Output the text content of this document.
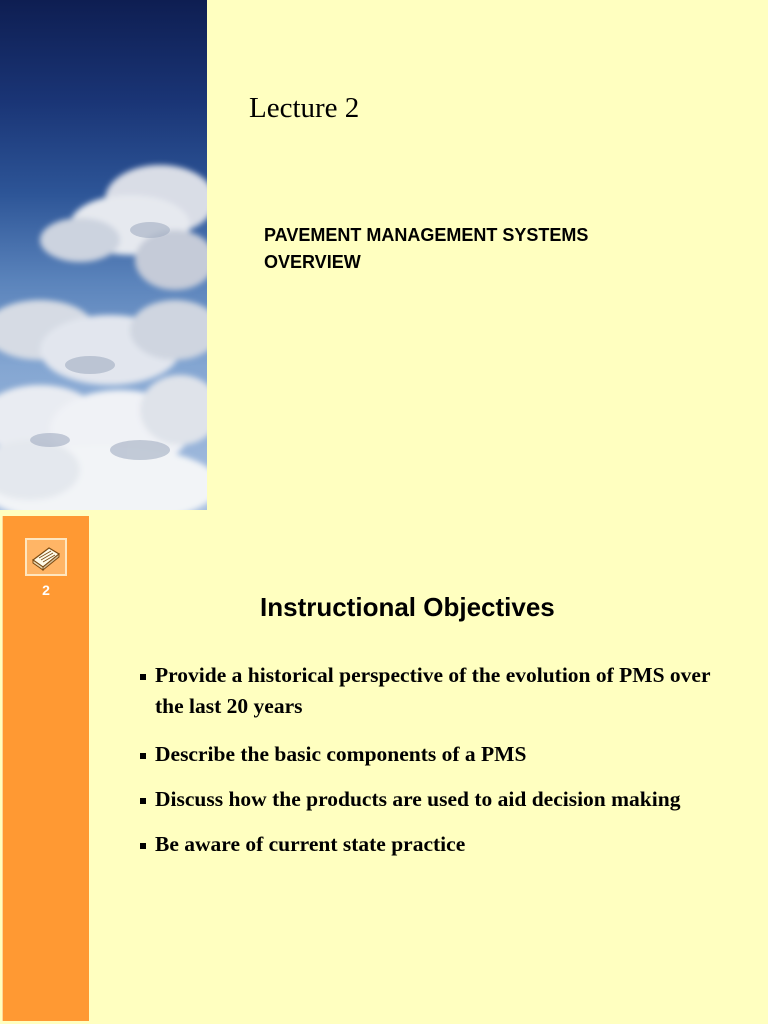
Lecture 2
PAVEMENT MANAGEMENT SYSTEMS
OVERVIEW
2
Instructional Objectives
Provide a historical perspective of the evolution of PMS over the last 20 years
Describe the basic components of a PMS
Discuss how the products are used to aid decision making
Be aware of current state practice
